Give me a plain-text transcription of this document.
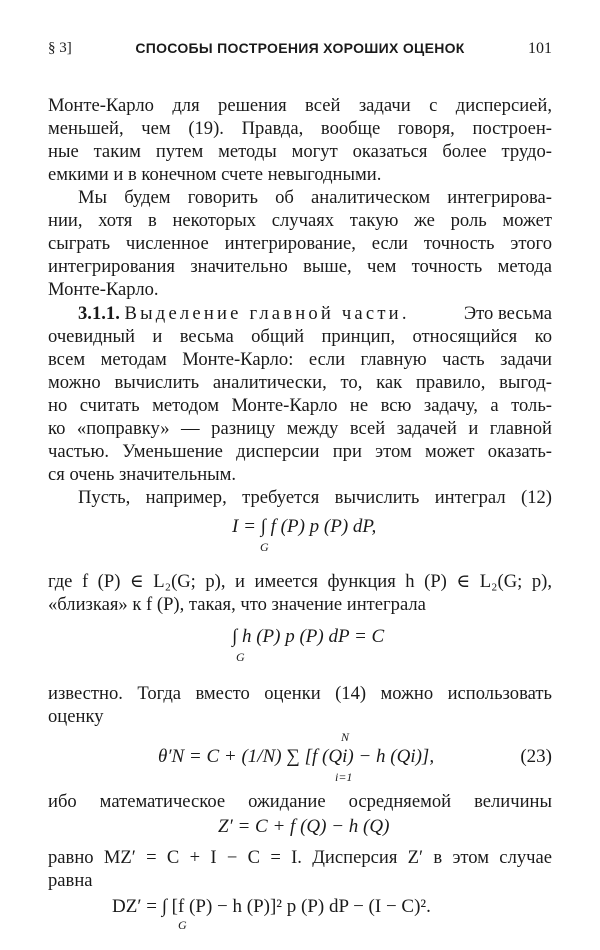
§ 3]	СПОСОБЫ ПОСТРОЕНИЯ ХОРОШИХ ОЦЕНОК	101
Монте-Карло для решения всей задачи с дисперсией,
меньшей, чем (19). Правда, вообще говоря, построен-
ные таким путем методы могут оказаться более трудо-
емкими и в конечном счете невыгодными.
Мы будем говорить об аналитическом интегрирова-
нии, хотя в некоторых случаях такую же роль может
сыграть численное интегрирование, если точность этого
интегрирования значительно выше, чем точность метода
Монте-Карло.
3.1.1. Выделение главной части.	Это весьма
очевидный и весьма общий принцип, относящийся ко
всем методам Монте-Карло: если главную часть задачи
можно вычислить аналитически, то, как правило, выгод-
но считать методом Монте-Карло не всю задачу, а толь-
ко «поправку» — разницу между всей задачей и главной
частью. Уменьшение дисперсии при этом может оказать-
ся очень значительным.
Пусть, например, требуется вычислить интеграл (12)
I = ∫ f (P) p (P) dP,
G
где f (P) ∈ L₂(G; p), и имеется функция h (P) ∈ L₂(G; p),
«близкая» к f (P), такая, что значение интеграла
∫ h (P) p (P) dP = C
G
известно. Тогда вместо оценки (14) можно использовать
оценку
N
θ′N = C + (1/N) ∑ [f (Qi) − h (Qi)],
i=1
(23)
ибо математическое ожидание осредняемой величины
Z′ = C + f (Q) − h (Q)
равно MZ′ = C + I − C = I. Дисперсия Z′ в этом случае
равна
DZ′ = ∫ [f (P) − h (P)]² p (P) dP − (I − C)².
G
